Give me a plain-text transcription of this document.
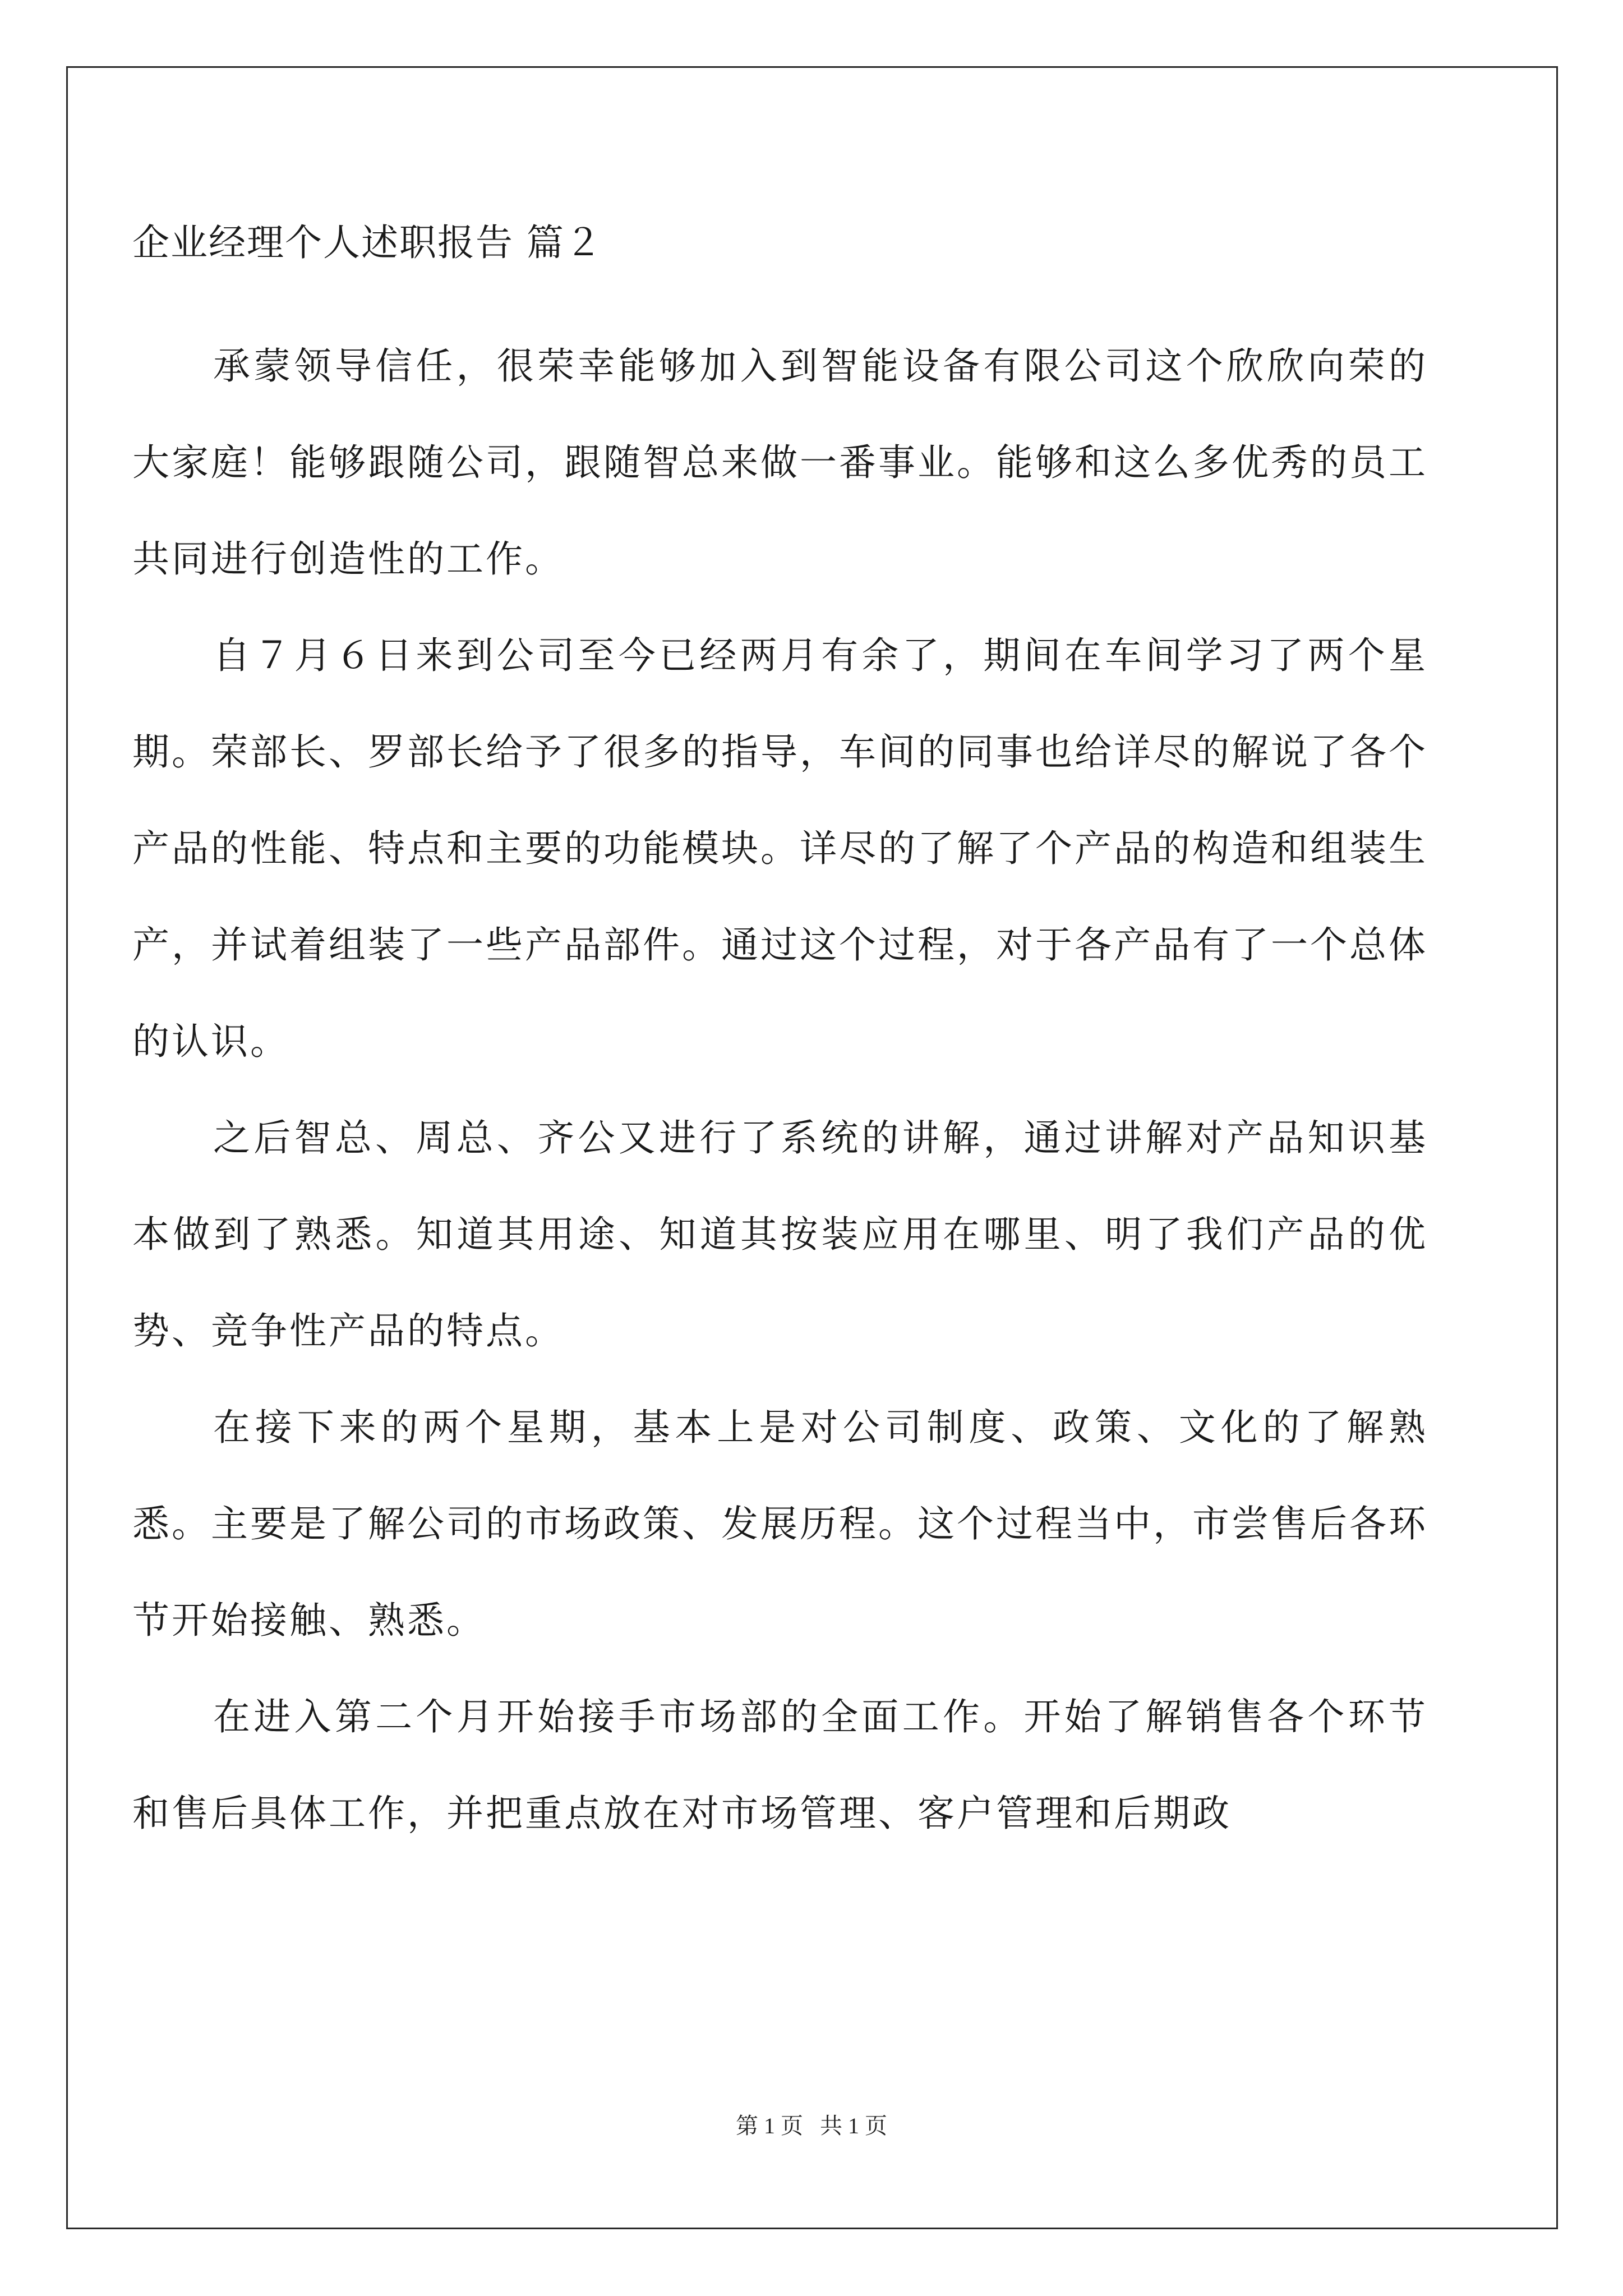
企业经理个人述职报告 篇２

承蒙领导信任，很荣幸能够加入到智能设备有限公司这个欣欣向荣的大家庭！能够跟随公司，跟随智总来做一番事业。能够和这么多优秀的员工共同进行创造性的工作。

自７月６日来到公司至今已经两月有余了，期间在车间学习了两个星期。荣部长、罗部长给予了很多的指导，车间的同事也给详尽的解说了各个产品的性能、特点和主要的功能模块。详尽的了解了个产品的构造和组装生产，并试着组装了一些产品部件。通过这个过程，对于各产品有了一个总体的认识。

之后智总、周总、齐公又进行了系统的讲解，通过讲解对产品知识基本做到了熟悉。知道其用途、知道其按装应用在哪里、明了我们产品的优势、竞争性产品的特点。

在接下来的两个星期，基本上是对公司制度、政策、文化的了解熟悉。主要是了解公司的市场政策、发展历程。这个过程当中，市尝售后各环节开始接触、熟悉。

在进入第二个月开始接手市场部的全面工作。开始了解销售各个环节和售后具体工作，并把重点放在对市场管理、客户管理和后期政

第 1 页 共 1 页
